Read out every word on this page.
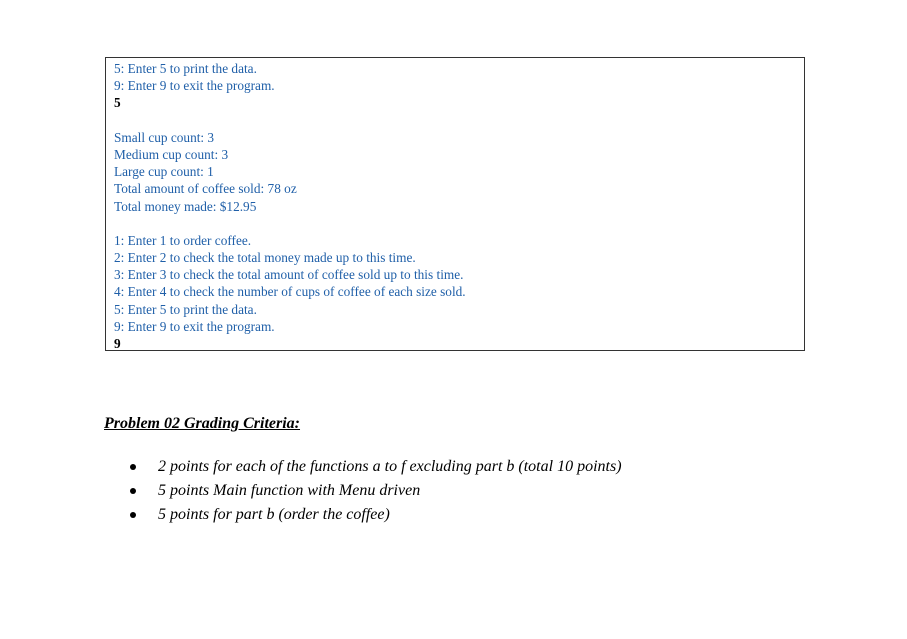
5: Enter 5 to print the data.
9: Enter 9 to exit the program.
5
Small cup count: 3
Medium cup count: 3
Large cup count: 1
Total amount of coffee sold: 78 oz
Total money made: $12.95
1: Enter 1 to order coffee.
2: Enter 2 to check the total money made up to this time.
3: Enter 3 to check the total amount of coffee sold up to this time.
4: Enter 4 to check the number of cups of coffee of each size sold.
5: Enter 5 to print the data.
9: Enter 9 to exit the program.
9
Problem 02 Grading Criteria:
2 points for each of the functions a to f excluding part b (total 10 points)
5 points Main function with Menu driven
5 points for part b (order the coffee)
